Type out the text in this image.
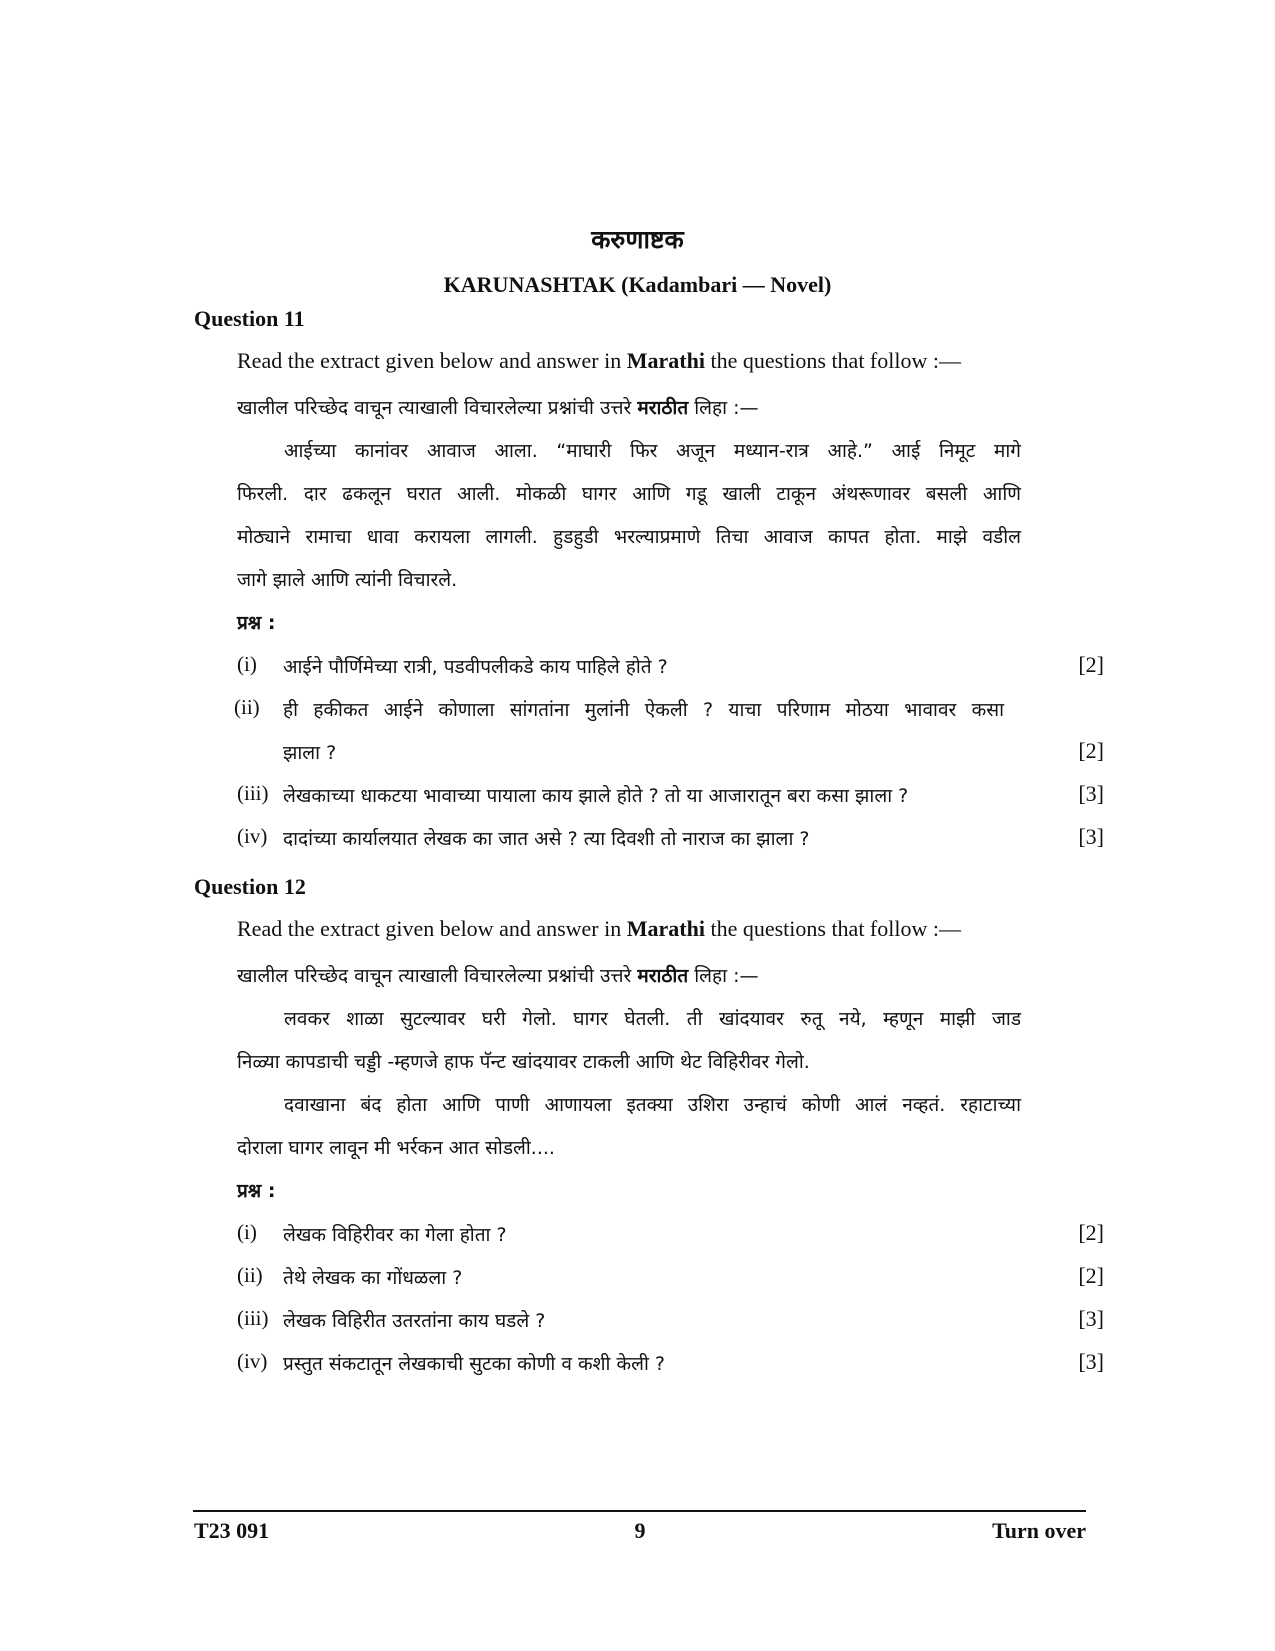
करुणाष्टक
KARUNASHTAK (Kadambari — Novel)
Question 11
Read the extract given below and answer in Marathi the questions that follow :—
खालील परिच्छेद वाचून त्याखाली विचारलेल्या प्रश्नांची उत्तरे मराठीत लिहा :—
आईच्या कानांवर आवाज आला. “माघारी फिर अजून मध्यान-रात्र आहे.” आई निमूट मागे
फिरली. दार ढकलून घरात आली. मोकळी घागर आणि गडू खाली टाकून अंथरूणावर बसली आणि
मोठ्याने रामाचा धावा करायला लागली. हुडहुडी भरल्याप्रमाणे तिचा आवाज कापत होता. माझे वडील
जागे झाले आणि त्यांनी विचारले.
प्रश्न :
(i) आईने पौर्णिमेच्या रात्री, पडवीपलीकडे काय पाहिले होते ?	[2]
(ii) ही हकीकत आईने कोणाला सांगतांना मुलांनी ऐकली ? याचा परिणाम मोठया भावावर कसा
झाला ?	[2]
(iii) लेखकाच्या धाकटया भावाच्या पायाला काय झाले होते ? तो या आजारातून बरा कसा झाला ?	[3]
(iv) दादांच्या कार्यालयात लेखक का जात असे ? त्या दिवशी तो नाराज का झाला ?	[3]
Question 12
Read the extract given below and answer in Marathi the questions that follow :—
खालील परिच्छेद वाचून त्याखाली विचारलेल्या प्रश्नांची उत्तरे मराठीत लिहा :—
लवकर शाळा सुटल्यावर घरी गेलो. घागर घेतली. ती खांदयावर रुतू नये, म्हणून माझी जाड
निळ्या कापडाची चड्डी -म्हणजे हाफ पॅन्ट खांदयावर टाकली आणि थेट विहिरीवर गेलो.
दवाखाना बंद होता आणि पाणी आणायला इतक्या उशिरा उन्हाचं कोणी आलं नव्हतं. रहाटाच्या
दोराला घागर लावून मी भर्रकन आत सोडली....
प्रश्न :
(i) लेखक विहिरीवर का गेला होता ?	[2]
(ii) तेथे लेखक का गोंधळला ?	[2]
(iii) लेखक विहिरीत उतरतांना काय घडले ?	[3]
(iv) प्रस्तुत संकटातून लेखकाची सुटका कोणी व कशी केली ?	[3]
T23 091	9	Turn over
